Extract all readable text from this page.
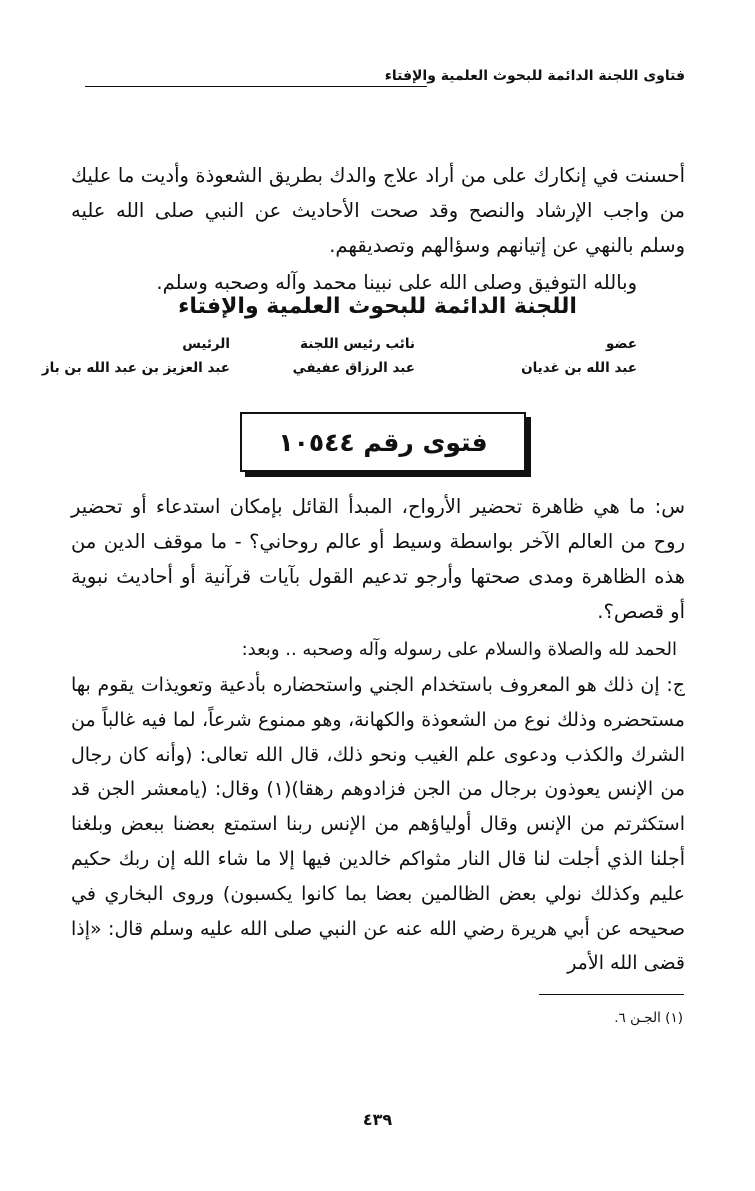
فتاوى اللجنة الدائمة للبحوث العلمية والإفتاء

أحسنت في إنكارك على من أراد علاج والدك بطريق الشعوذة وأديت ما عليك من واجب الإرشاد والنصح وقد صحت الأحاديث عن النبي صلى الله عليه وسلم بالنهي عن إتيانهم وسؤالهم وتصديقهم.

وبالله التوفيق وصلى الله على نبينا محمد وآله وصحبه وسلم.
اللجنة الدائمة للبحوث العلمية والإفتاء
الرئيس
عبد العزيز بن عبد الله بن باز
نائب رئيس اللجنة
عبد الرزاق عفيفي
عضو
عبد الله بن غديان
فتوى رقم ١٠٥٤٤

س: ما هي ظاهرة تحضير الأرواح، المبدأ القائل بإمكان استدعاء أو تحضير روح من العالم الآخر بواسطة وسيط أو عالم روحاني؟ - ما موقف الدين من هذه الظاهرة ومدى صحتها وأرجو تدعيم القول بآيات قرآنية أو أحاديث نبوية أو قصص؟.

الحمد لله والصلاة والسلام على رسوله وآله وصحبه .. وبعد:

ج: إن ذلك هو المعروف باستخدام الجني واستحضاره بأدعية وتعويذات يقوم بها مستحضره وذلك نوع من الشعوذة والكهانة، وهو ممنوع شرعاً، لما فيه غالباً من الشرك والكذب ودعوى علم الغيب ونحو ذلك، قال الله تعالى: (وأنه كان رجال من الإنس يعوذون برجال من الجن فزادوهم رهقا)(١) وقال: (يامعشر الجن قد استكثرتم من الإنس وقال أولياؤهم من الإنس ربنا استمتع بعضنا ببعض وبلغنا أجلنا الذي أجلت لنا قال النار مثواكم خالدين فيها إلا ما شاء الله إن ربك حكيم عليم وكذلك نولي بعض الظالمين بعضا بما كانوا يكسبون) وروى البخاري في صحيحه عن أبي هريرة رضي الله عنه عن النبي صلى الله عليه وسلم قال: «إذا قضى الله الأمر

(١) الجـن ٦.
٤٣٩
